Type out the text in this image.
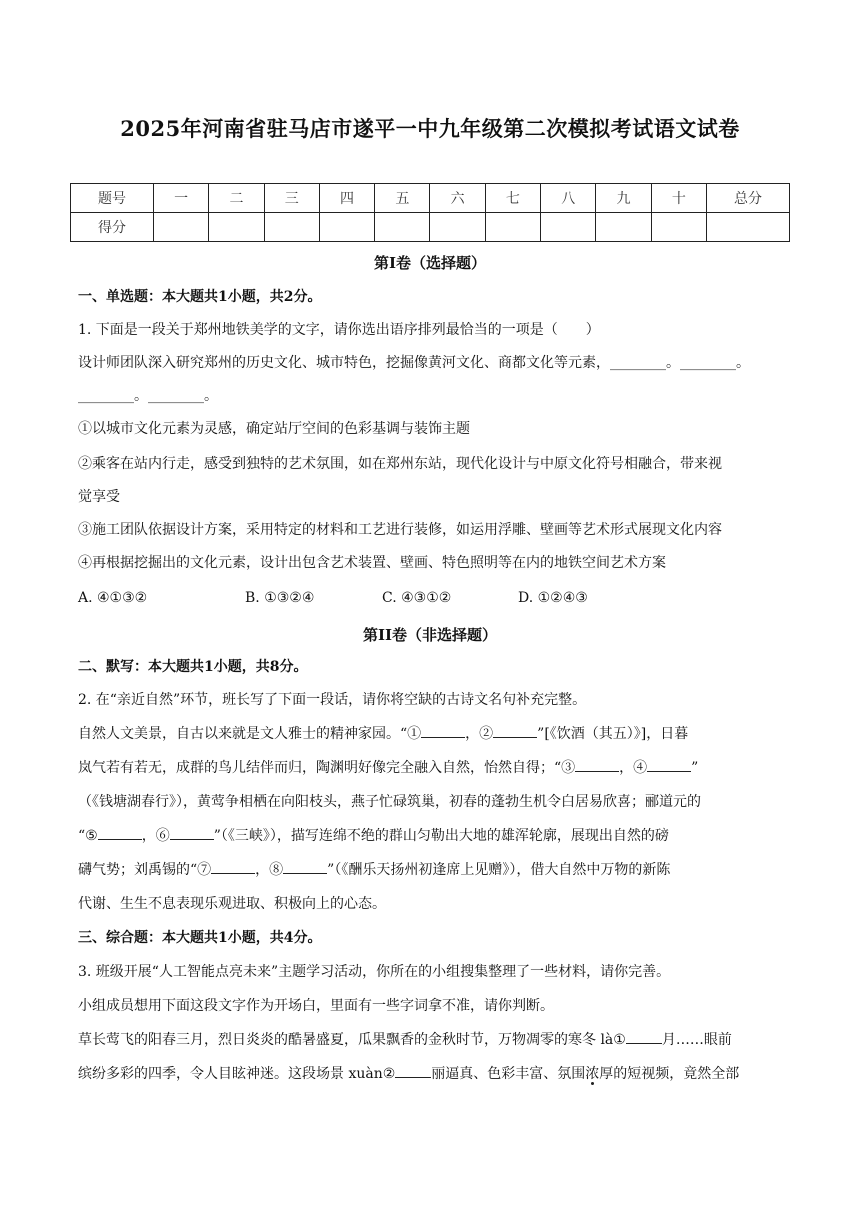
2025年河南省驻马店市遂平一中九年级第二次模拟考试语文试卷
题号	一	二	三	四	五	六	七	八	九	十	总分
得分											
第I卷（选择题）

一、单选题：本大题共1小题，共2分。

1. 下面是一段关于郑州地铁美学的文字，请你选出语序排列最恰当的一项是（　　）

设计师团队深入研究郑州的历史文化、城市特色，挖掘像黄河文化、商都文化等元素，________。________。

________。________。

①以城市文化元素为灵感，确定站厅空间的色彩基调与装饰主题

②乘客在站内行走，感受到独特的艺术氛围，如在郑州东站，现代化设计与中原文化符号相融合，带来视

觉享受

③施工团队依据设计方案，采用特定的材料和工艺进行装修，如运用浮雕、壁画等艺术形式展现文化内容

④再根据挖掘出的文化元素，设计出包含艺术装置、壁画、特色照明等在内的地铁空间艺术方案

A. ④①③②	B. ①③②④	C. ④③①②	D. ①②④③
第II卷（非选择题）

二、默写：本大题共1小题，共8分。

2. 在“亲近自然”环节，班长写了下面一段话，请你将空缺的古诗文名句补充完整。

自然人文美景，自古以来就是文人雅士的精神家园。“①	，②	”[《饮酒（其五）》]，日暮

岚气若有若无，成群的鸟儿结伴而归，陶渊明好像完全融入自然，怡然自得；“③	，④	”

（《钱塘湖春行》），黄莺争相栖在向阳枝头，燕子忙碌筑巢，初春的蓬勃生机令白居易欣喜；郦道元的

“⑤	，⑥	”（《三峡》），描写连绵不绝的群山匀勒出大地的雄浑轮廓，展现出自然的磅

礴气势；刘禹锡的“⑦	，⑧	”（《酬乐天扬州初逢席上见赠》），借大自然中万物的新陈

代谢、生生不息表现乐观进取、积极向上的心态。

三、综合题：本大题共1小题，共4分。

3. 班级开展“人工智能点亮未来”主题学习活动，你所在的小组搜集整理了一些材料，请你完善。

小组成员想用下面这段文字作为开场白，里面有一些字词拿不准，请你判断。

草长莺飞的阳春三月，烈日炎炎的酷暑盛夏，瓜果飘香的金秋时节，万物凋零的寒冬 là①	月……眼前

缤纷多彩的四季，令人目眩神迷。这段场景 xuàn②	丽逼真、色彩丰富、氛围浓厚的短视频，竟然全部
